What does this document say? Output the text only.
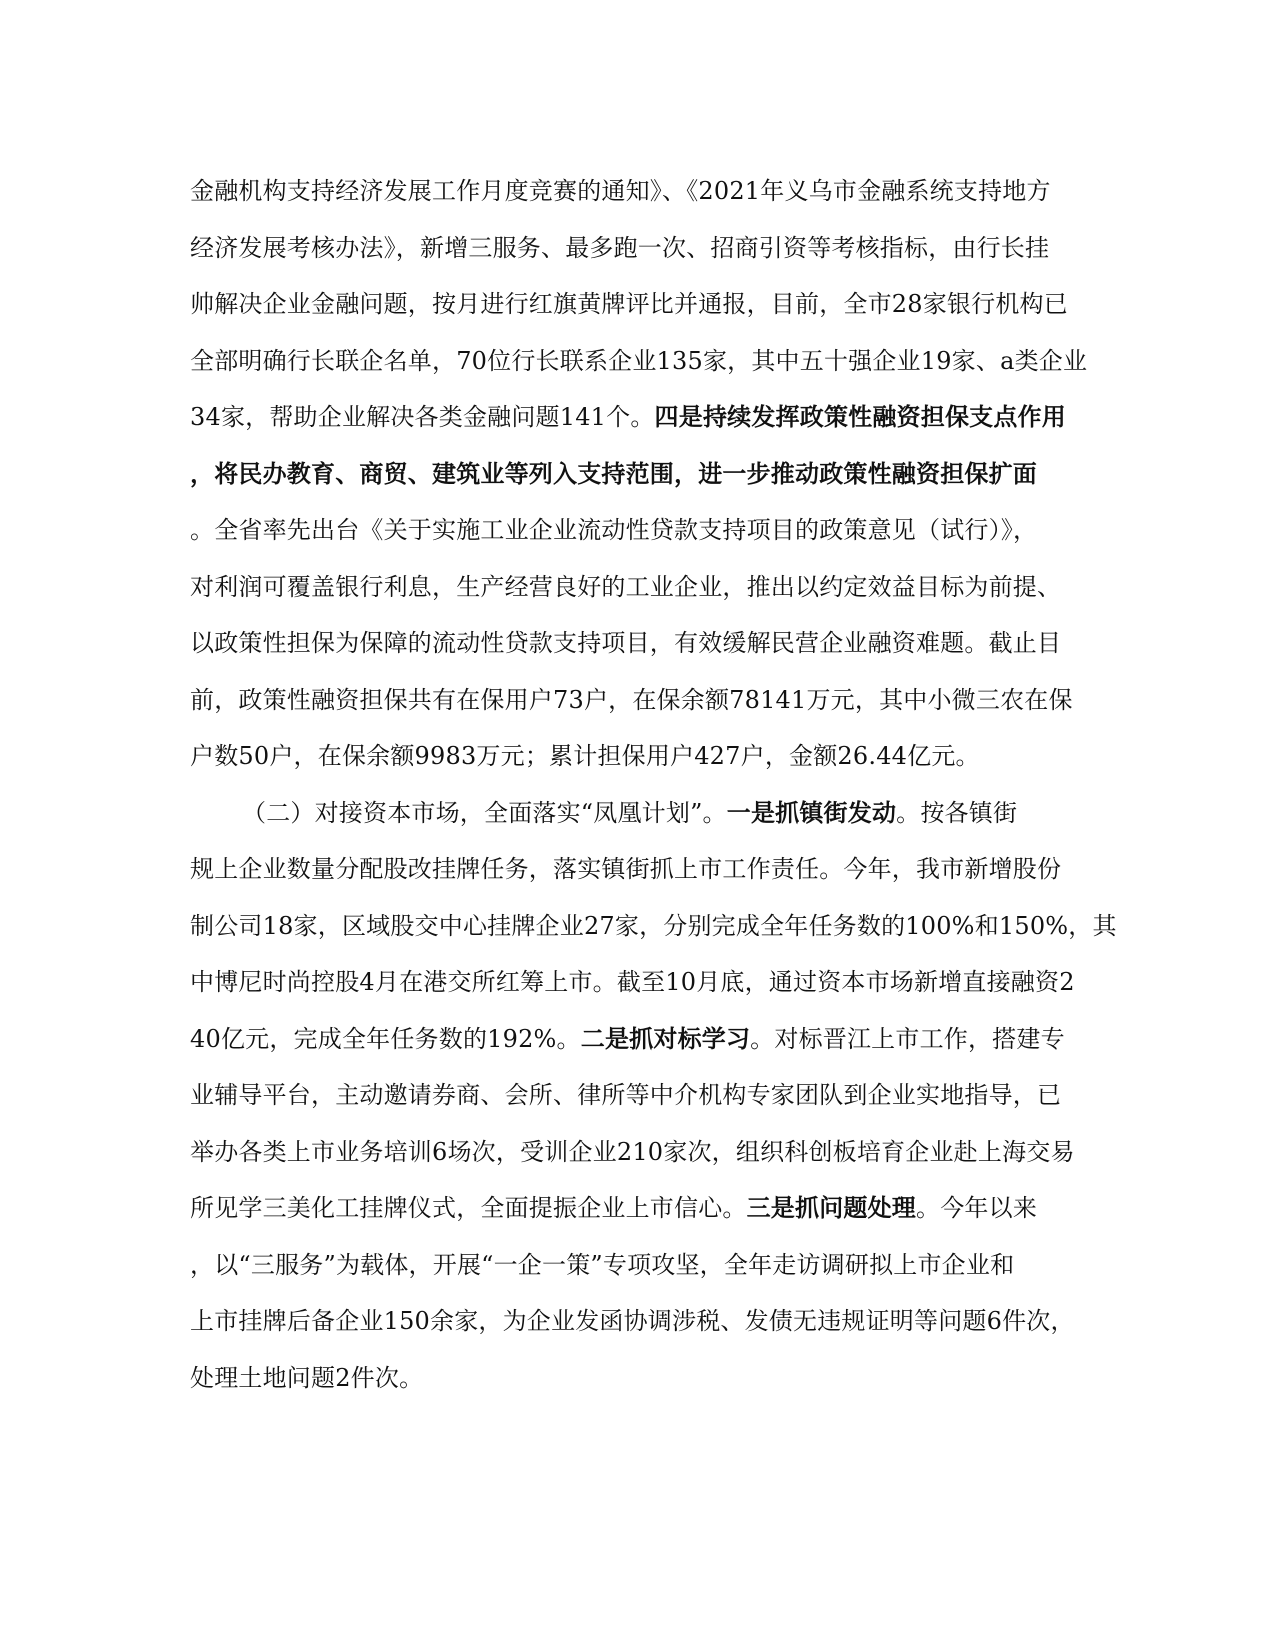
金融机构支持经济发展工作月度竞赛的通知》、《2021年义乌市金融系统支持地方
经济发展考核办法》，新增三服务、最多跑一次、招商引资等考核指标，由行长挂
帅解决企业金融问题，按月进行红旗黄牌评比并通报，目前，全市28家银行机构已
全部明确行长联企名单，70位行长联系企业135家，其中五十强企业19家、a类企业
34家，帮助企业解决各类金融问题141个。四是持续发挥政策性融资担保支点作用
，将民办教育、商贸、建筑业等列入支持范围，进一步推动政策性融资担保扩面
。全省率先出台《关于实施工业企业流动性贷款支持项目的政策意见（试行）》，
对利润可覆盖银行利息，生产经营良好的工业企业，推出以约定效益目标为前提、
以政策性担保为保障的流动性贷款支持项目，有效缓解民营企业融资难题。截止目
前，政策性融资担保共有在保用户73户，在保余额78141万元，其中小微三农在保
户数50户，在保余额9983万元；累计担保用户427户，金额26.44亿元。
（二）对接资本市场，全面落实“凤凰计划”。一是抓镇街发动。按各镇街
规上企业数量分配股改挂牌任务，落实镇街抓上市工作责任。今年，我市新增股份
制公司18家，区域股交中心挂牌企业27家，分别完成全年任务数的100%和150%，其
中博尼时尚控股4月在港交所红筹上市。截至10月底，通过资本市场新增直接融资2
40亿元，完成全年任务数的192%。二是抓对标学习。对标晋江上市工作，搭建专
业辅导平台，主动邀请券商、会所、律所等中介机构专家团队到企业实地指导，已
举办各类上市业务培训6场次，受训企业210家次，组织科创板培育企业赴上海交易
所见学三美化工挂牌仪式，全面提振企业上市信心。三是抓问题处理。今年以来
，以“三服务”为载体，开展“一企一策”专项攻坚，全年走访调研拟上市企业和
上市挂牌后备企业150余家，为企业发函协调涉税、发债无违规证明等问题6件次，
处理土地问题2件次。
